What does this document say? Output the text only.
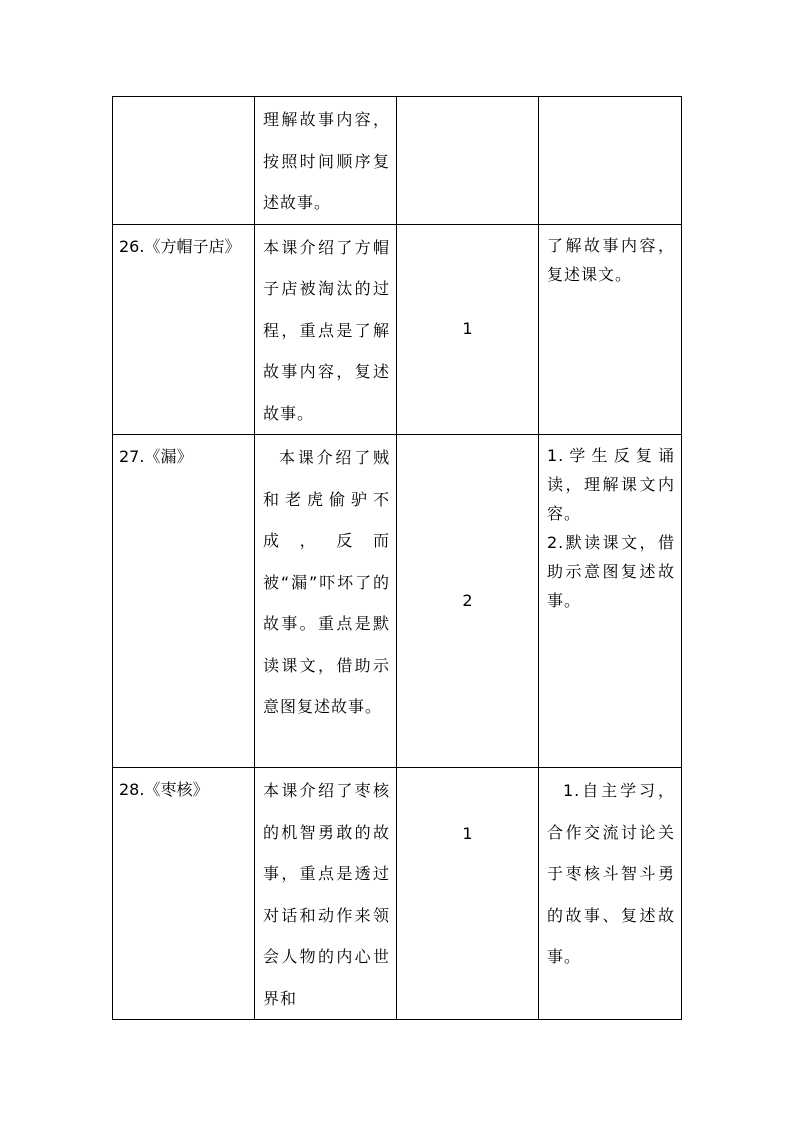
	理解故事内容，按照时间顺序复述故事。		
26.《方帽子店》	本课介绍了方帽子店被淘汰的过程，重点是了解故事内容，复述故事。	1	了解故事内容，复述课文。

27.《漏》	本课介绍了贼和老虎偷驴不成，反而被“漏”吓坏了的故事。重点是默读课文，借助示意图复述故事。	2	1.学生反复诵读，理解课文内容。
2.默读课文，借助示意图复述故事。

28.《枣核》	本课介绍了枣核的机智勇敢的故事，重点是透过对话和动作来领会人物的内心世界和	1	1.自主学习，合作交流讨论关于枣核斗智斗勇的故事、复述故事。
